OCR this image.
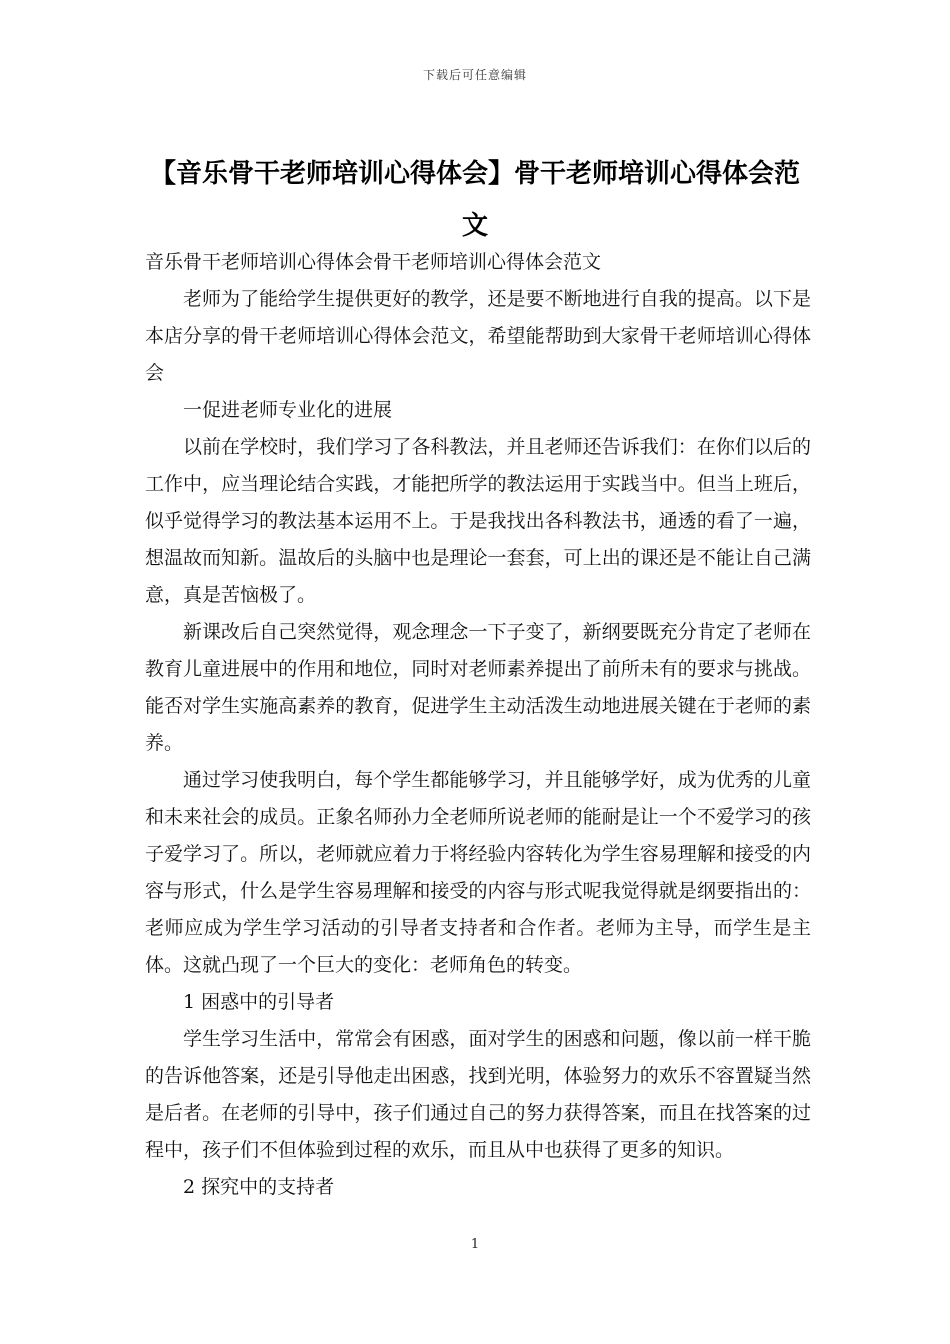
下载后可任意编辑
【音乐骨干老师培训心得体会】骨干老师培训心得体会范文

音乐骨干老师培训心得体会骨干老师培训心得体会范文

老师为了能给学生提供更好的教学，还是要不断地进行自我的提高。以下是本店分享的骨干老师培训心得体会范文，希望能帮助到大家骨干老师培训心得体会

一促进老师专业化的进展

以前在学校时，我们学习了各科教法，并且老师还告诉我们：在你们以后的工作中，应当理论结合实践，才能把所学的教法运用于实践当中。但当上班后，似乎觉得学习的教法基本运用不上。于是我找出各科教法书，通透的看了一遍，想温故而知新。温故后的头脑中也是理论一套套，可上出的课还是不能让自己满意，真是苦恼极了。

新课改后自己突然觉得，观念理念一下子变了，新纲要既充分肯定了老师在教育儿童进展中的作用和地位，同时对老师素养提出了前所未有的要求与挑战。能否对学生实施高素养的教育，促进学生主动活泼生动地进展关键在于老师的素养。

通过学习使我明白，每个学生都能够学习，并且能够学好，成为优秀的儿童和未来社会的成员。正象名师孙力全老师所说老师的能耐是让一个不爱学习的孩子爱学习了。所以，老师就应着力于将经验内容转化为学生容易理解和接受的内容与形式，什么是学生容易理解和接受的内容与形式呢我觉得就是纲要指出的：老师应成为学生学习活动的引导者支持者和合作者。老师为主导，而学生是主体。这就凸现了一个巨大的变化：老师角色的转变。

1 困惑中的引导者

学生学习生活中，常常会有困惑，面对学生的困惑和问题，像以前一样干脆的告诉他答案，还是引导他走出困惑，找到光明，体验努力的欢乐不容置疑当然是后者。在老师的引导中，孩子们通过自己的努力获得答案，而且在找答案的过程中，孩子们不但体验到过程的欢乐，而且从中也获得了更多的知识。

2 探究中的支持者

1
